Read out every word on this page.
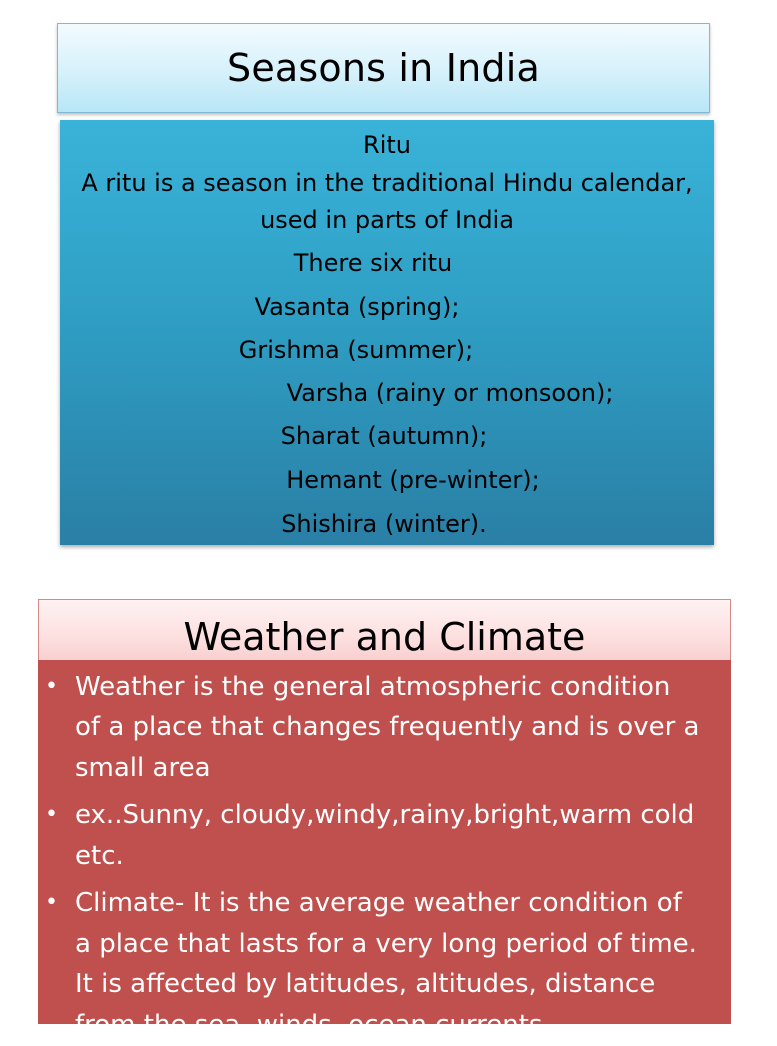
Seasons in India
Ritu
A ritu is a season in the traditional Hindu calendar,
used in parts of India
There six ritu
Vasanta (spring);
Grishma (summer);
Varsha (rainy or monsoon);
Sharat (autumn);
Hemant (pre-winter);
Shishira (winter).
Weather and Climate
• Weather is the general atmospheric condition
of a place that changes frequently and is over a
small area
• ex..Sunny, cloudy,windy,rainy,bright,warm cold
etc.
• Climate- It is the average weather condition of
a place that lasts for a very long period of time.
It is affected by latitudes, altitudes, distance
from the sea, winds, ocean currents
